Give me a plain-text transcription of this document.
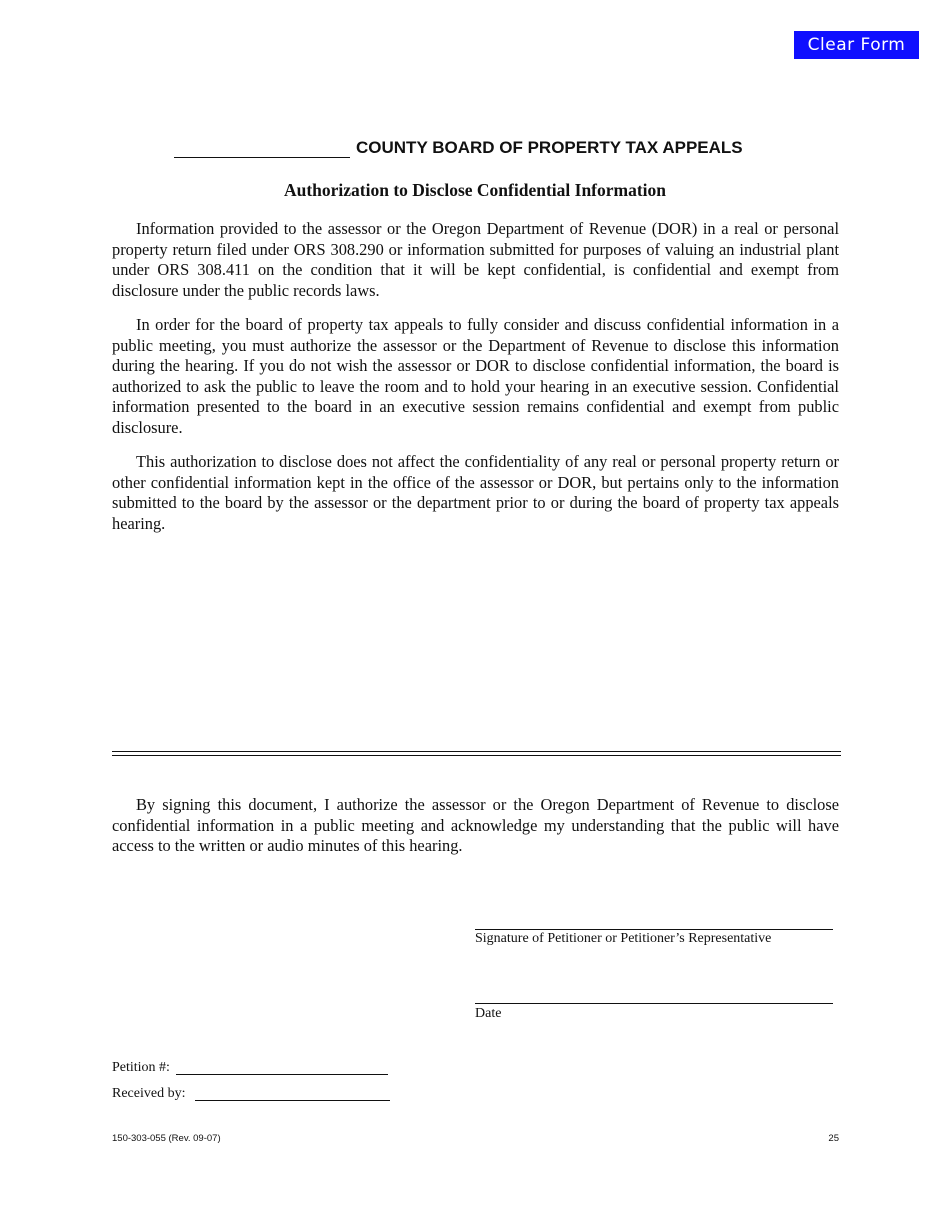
Clear Form
COUNTY BOARD OF PROPERTY TAX APPEALS
Authorization to Disclose Confidential Information

Information provided to the assessor or the Oregon Department of Revenue (DOR) in a real or personal property return filed under ORS 308.290 or information submitted for purposes of valuing an industrial plant under ORS 308.411 on the condition that it will be kept confidential, is confidential and exempt from disclosure under the public records laws.

In order for the board of property tax appeals to fully consider and discuss confidential information in a public meeting, you must authorize the assessor or the Department of Revenue to disclose this information during the hearing. If you do not wish the assessor or DOR to disclose confidential information, the board is authorized to ask the public to leave the room and to hold your hearing in an executive session. Confidential information presented to the board in an executive session remains confidential and exempt from public disclosure.

This authorization to disclose does not affect the confidentiality of any real or personal property return or other confidential information kept in the office of the assessor or DOR, but pertains only to the information submitted to the board by the assessor or the department prior to or during the board of property tax appeals hearing.

By signing this document, I authorize the assessor or the Oregon Department of Revenue to disclose confidential information in a public meeting and acknowledge my understanding that the public will have access to the written or audio minutes of this hearing.

Signature of Petitioner or Petitioner’s Representative
Date
Petition #:
Received by:
150-303-055 (Rev. 09-07)	25
